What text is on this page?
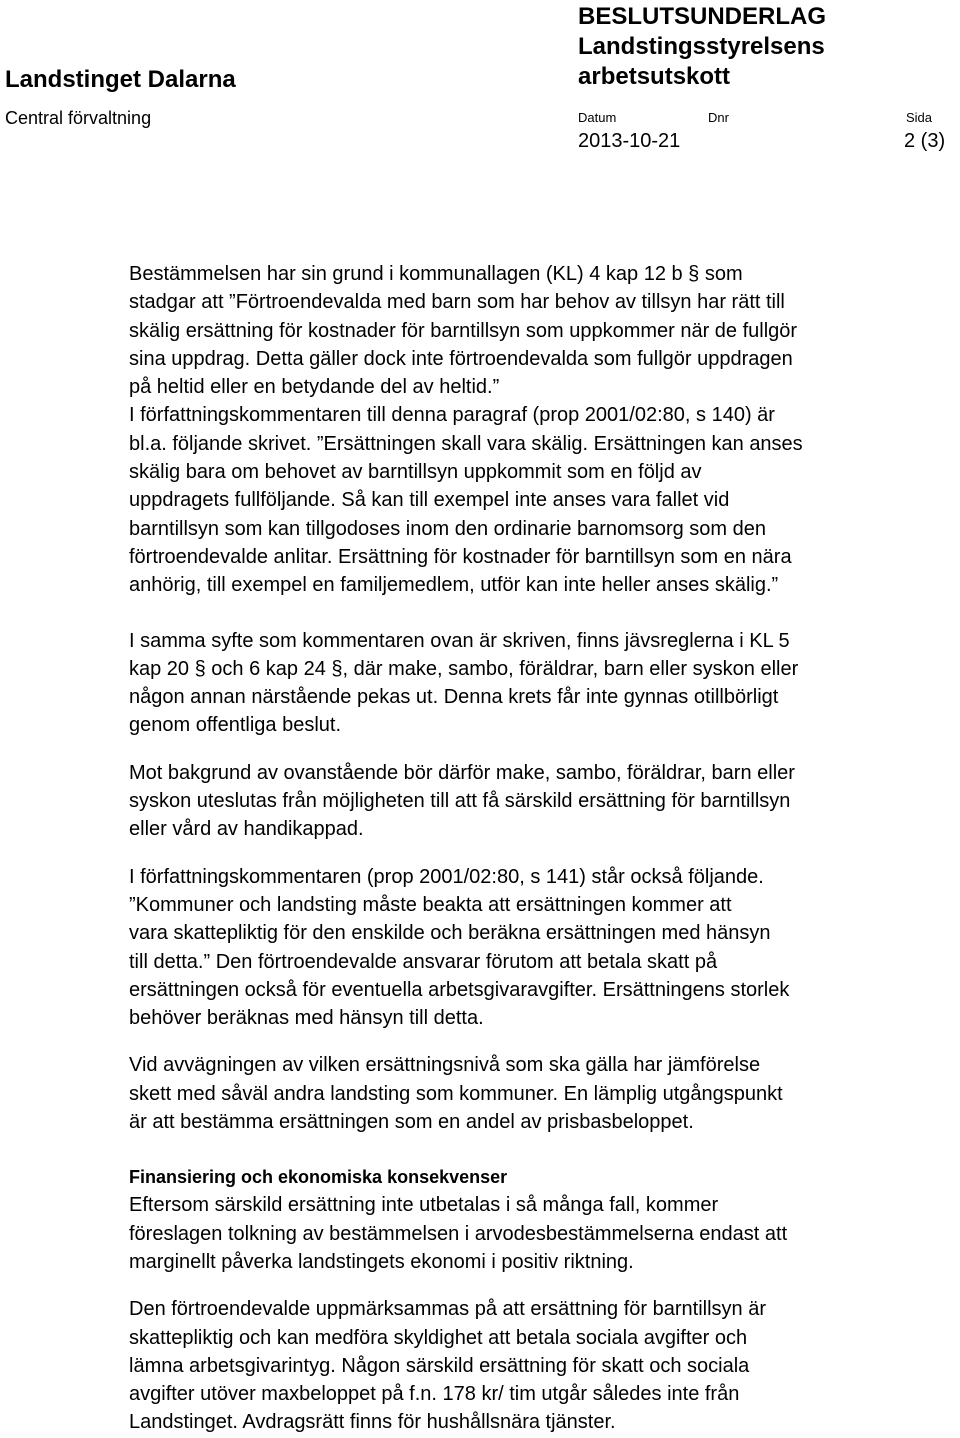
Landstinget Dalarna
Central förvaltning
BESLUTSUNDERLAG
Landstingsstyrelsens
arbetsutskott
Datum
2013-10-21
Dnr	Sida
2 (3)
Bestämmelsen har sin grund i kommunallagen (KL) 4 kap 12 b § som
stadgar att ”Förtroendevalda med barn som har behov av tillsyn har rätt till
skälig ersättning för kostnader för barntillsyn som uppkommer när de fullgör
sina uppdrag. Detta gäller dock inte förtroendevalda som fullgör uppdragen
på heltid eller en betydande del av heltid.”
I författningskommentaren till denna paragraf (prop 2001/02:80, s 140) är
bl.a. följande skrivet. ”Ersättningen skall vara skälig. Ersättningen kan anses
skälig bara om behovet av barntillsyn uppkommit som en följd av
uppdragets fullföljande. Så kan till exempel inte anses vara fallet vid
barntillsyn som kan tillgodoses inom den ordinarie barnomsorg som den
förtroendevalde anlitar. Ersättning för kostnader för barntillsyn som en nära
anhörig, till exempel en familjemedlem, utför kan inte heller anses skälig.”
I samma syfte som kommentaren ovan är skriven, finns jävsreglerna i KL 5
kap 20 § och 6 kap 24 §, där make, sambo, föräldrar, barn eller syskon eller
någon annan närstående pekas ut. Denna krets får inte gynnas otillbörligt
genom offentliga beslut.
Mot bakgrund av ovanstående bör därför make, sambo, föräldrar, barn eller
syskon uteslutas från möjligheten till att få särskild ersättning för barntillsyn
eller vård av handikappad.
I författningskommentaren (prop 2001/02:80, s 141) står också följande.
”Kommuner och landsting måste beakta att ersättningen kommer att
vara skattepliktig för den enskilde och beräkna ersättningen med hänsyn
till detta.” Den förtroendevalde ansvarar förutom att betala skatt på
ersättningen också för eventuella arbetsgivaravgifter. Ersättningens storlek
behöver beräknas med hänsyn till detta.
Vid avvägningen av vilken ersättningsnivå som ska gälla har jämförelse
skett med såväl andra landsting som kommuner. En lämplig utgångspunkt
är att bestämma ersättningen som en andel av prisbasbeloppet.
Finansiering och ekonomiska konsekvenser
Eftersom särskild ersättning inte utbetalas i så många fall, kommer
föreslagen tolkning av bestämmelsen i arvodesbestämmelserna endast att
marginellt påverka landstingets ekonomi i positiv riktning.
Den förtroendevalde uppmärksammas på att ersättning för barntillsyn är
skattepliktig och kan medföra skyldighet att betala sociala avgifter och
lämna arbetsgivarintyg. Någon särskild ersättning för skatt och sociala
avgifter utöver maxbeloppet på f.n. 178 kr/ tim utgår således inte från
Landstinget. Avdragsrätt finns för hushållsnära tjänster.
